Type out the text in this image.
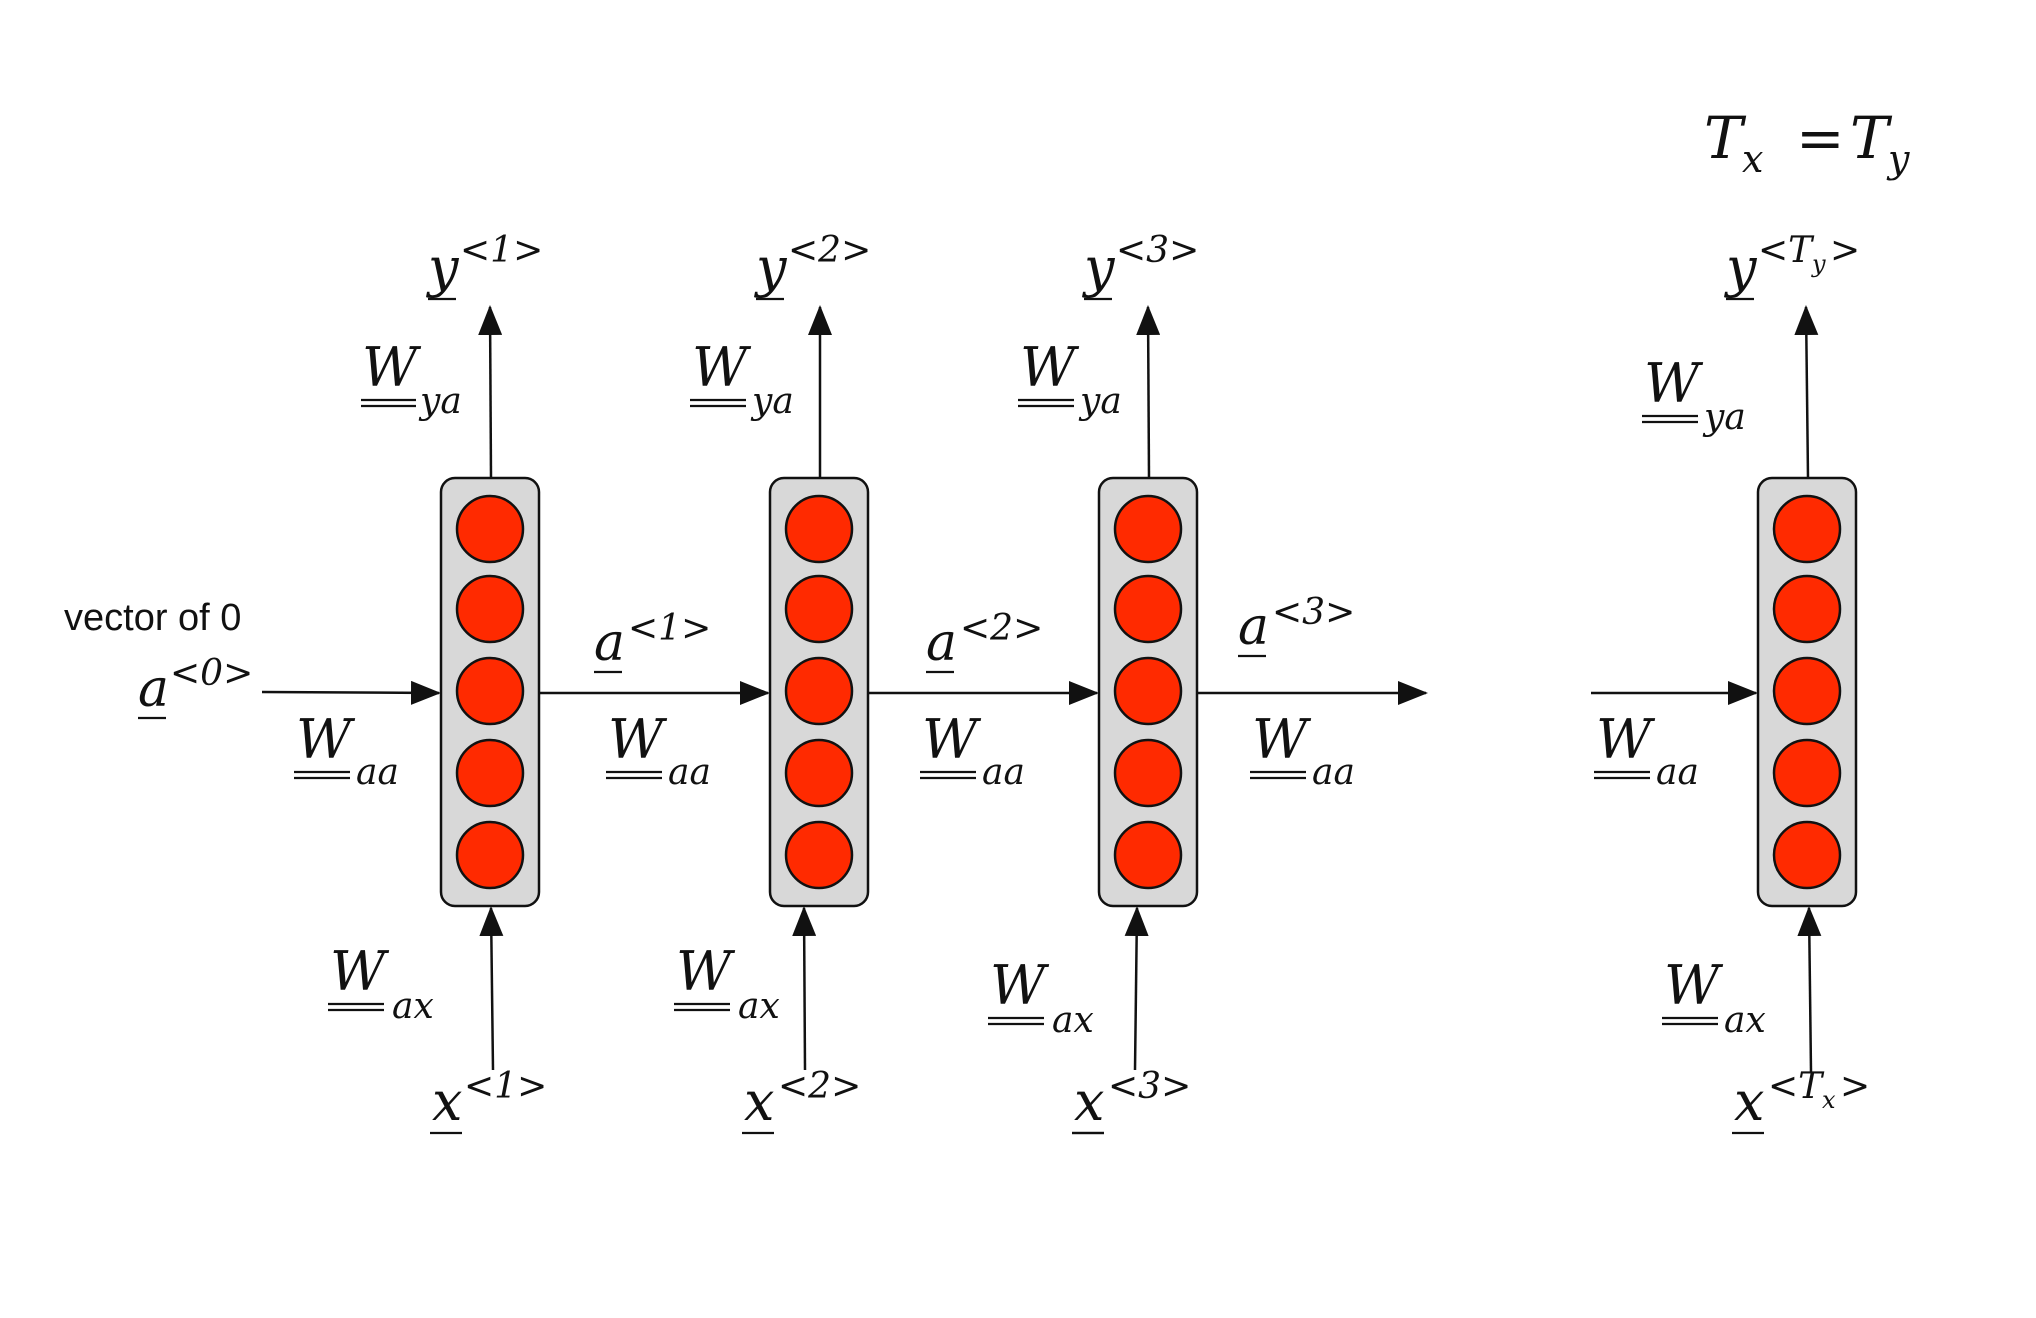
T x = T y
vector of 0
a <0>
y <1>
W
ya
W
aa
W
ax
x <1>
a <1>
W
aa
y <2>
W
ya
W
ax
x <2>
a <2>
W
aa
y <3>
W
ya
W
ax
x <3>
a <3>
W
aa
W
aa
y <T y >
W
ya
W
ax
x <T x >
